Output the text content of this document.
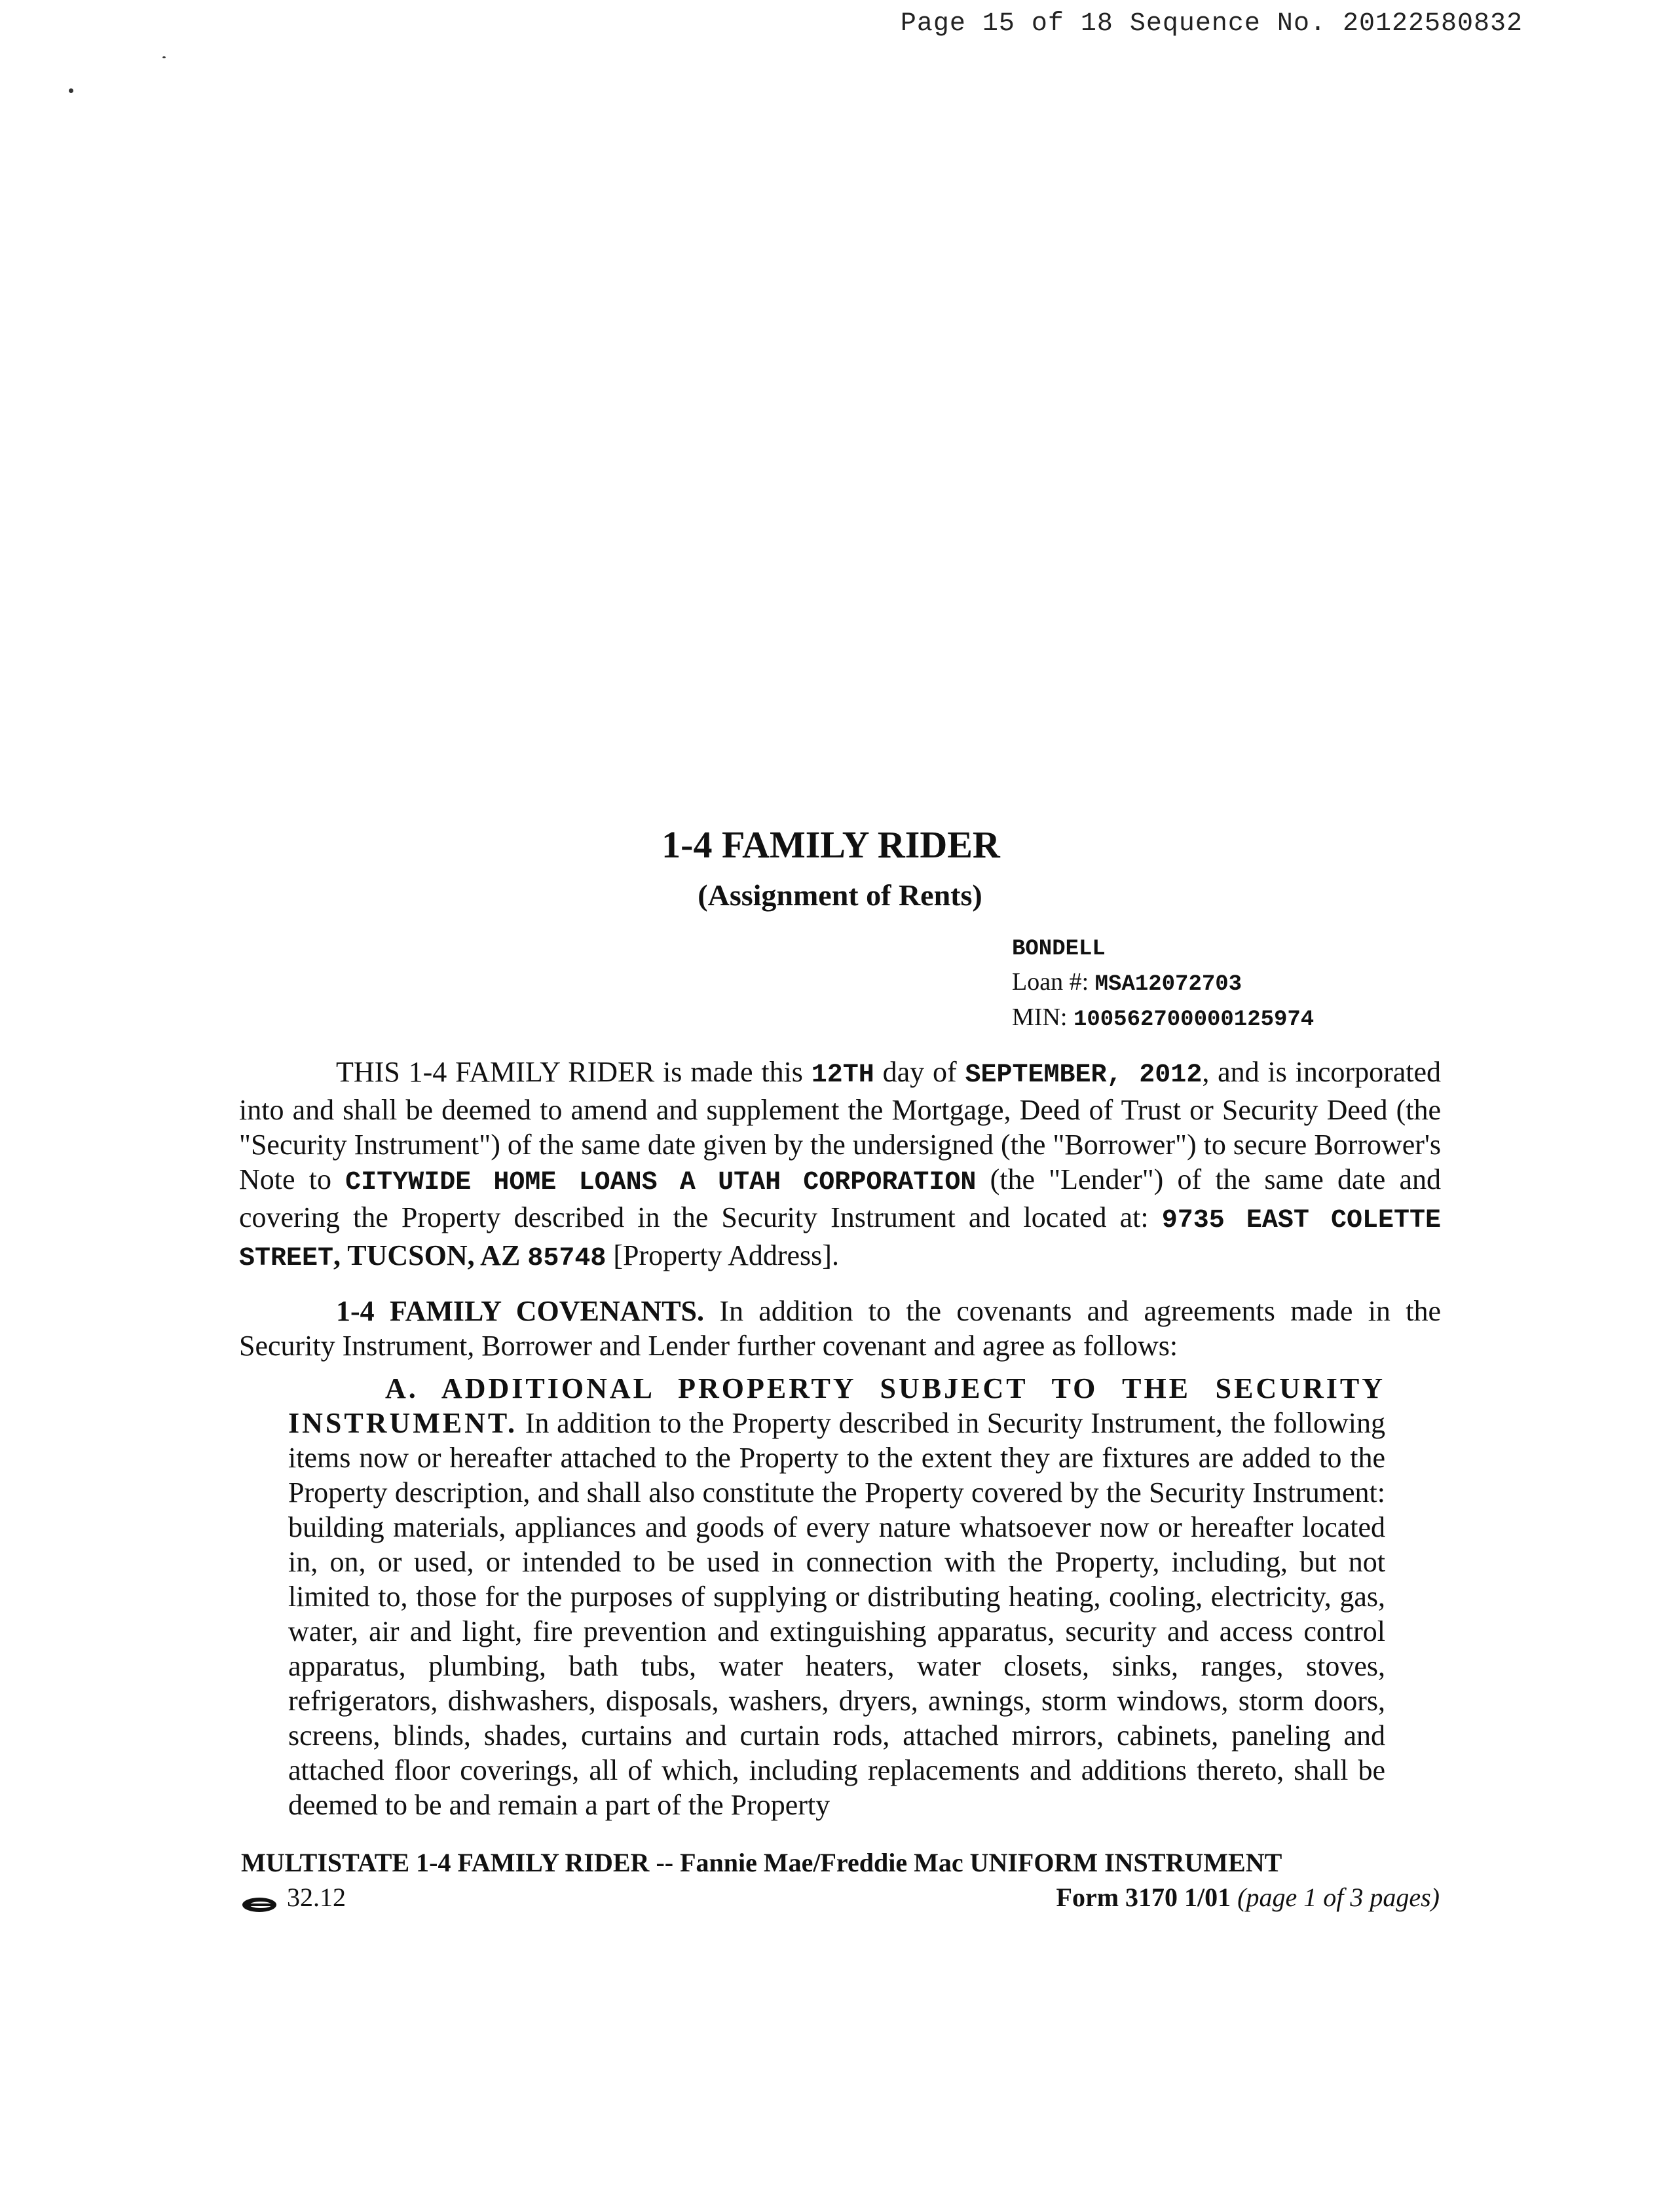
Page 15 of 18 Sequence No. 20122580832
1-4 FAMILY RIDER
(Assignment of Rents)
BONDELL
Loan #: MSA12072703
MIN: 100562700000125974
THIS 1-4 FAMILY RIDER is made this 12TH day of SEPTEMBER, 2012, and is incorporated into and shall be deemed to amend and supplement the Mortgage, Deed of Trust or Security Deed (the "Security Instrument") of the same date given by the undersigned (the "Borrower") to secure Borrower's Note to CITYWIDE HOME LOANS A UTAH CORPORATION (the "Lender") of the same date and covering the Property described in the Security Instrument and located at: 9735 EAST COLETTE STREET, TUCSON, AZ 85748 [Property Address].
1-4 FAMILY COVENANTS. In addition to the covenants and agreements made in the Security Instrument, Borrower and Lender further covenant and agree as follows:
A. ADDITIONAL PROPERTY SUBJECT TO THE SECURITY INSTRUMENT. In addition to the Property described in Security Instrument, the following items now or hereafter attached to the Property to the extent they are fixtures are added to the Property description, and shall also constitute the Property covered by the Security Instrument: building materials, appliances and goods of every nature whatsoever now or hereafter located in, on, or used, or intended to be used in connection with the Property, including, but not limited to, those for the purposes of supplying or distributing heating, cooling, electricity, gas, water, air and light, fire prevention and extinguishing apparatus, security and access control apparatus, plumbing, bath tubs, water heaters, water closets, sinks, ranges, stoves, refrigerators, dishwashers, disposals, washers, dryers, awnings, storm windows, storm doors, screens, blinds, shades, curtains and curtain rods, attached mirrors, cabinets, paneling and attached floor coverings, all of which, including replacements and additions thereto, shall be deemed to be and remain a part of the Property
MULTISTATE 1-4 FAMILY RIDER -- Fannie Mae/Freddie Mac UNIFORM INSTRUMENT
32.12	Form 3170 1/01 (page 1 of 3 pages)
